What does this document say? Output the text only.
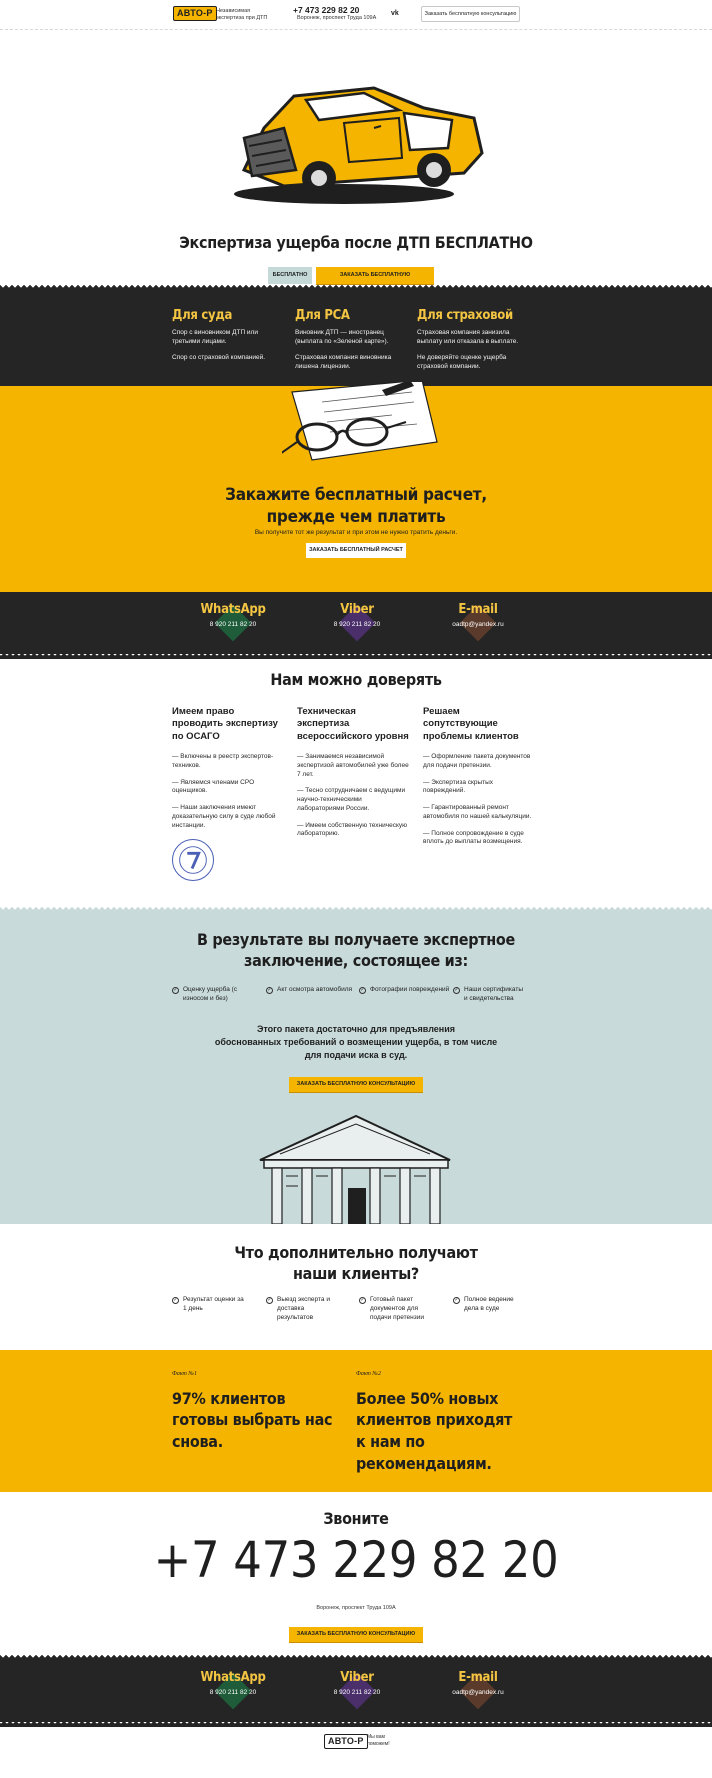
АВТО-Р Независимая
экспертиза при ДТП
+7 473 229 82 20
Воронеж, проспект Труда 109А
vk	Заказать бесплатную консультацию
Экспертиза ущерба после ДТП БЕСПЛАТНО
БЕСПЛАТНО	ЗАКАЗАТЬ БЕСПЛАТНУЮ
Для суда

Спор с виновником ДТП или третьими лицами.

Спор со страховой компанией.

Для РСА

Виновник ДТП — иностранец (выплата по «Зеленой карте»).

Страховая компания виновника лишена лицензии.

Для страховой

Страховая компания занизила выплату или отказала в выплате.

Не доверяйте оценке ущерба страховой компании.

Закажите бесплатный расчет,
прежде чем платить
Вы получите тот же результат и при этом не нужно тратить деньги.
ЗАКАЗАТЬ БЕСПЛАТНЫЙ РАСЧЕТ
WhatsApp
8 920 211 82 20
Viber
8 920 211 82 20
E-mail
oadtp@yandex.ru
Нам можно доверять
Имеем право проводить экспертизу по ОСАГО

— Включены в реестр экспертов-техников.

— Являемся членами СРО оценщиков.

— Наши заключения имеют доказательную силу в суде любой инстанции.

Техническая экспертиза всероссийского уровня

— Занимаемся независимой экспертизой автомобилей уже более 7 лет.

— Тесно сотрудничаем с ведущими научно-техническими лабораториями России.

— Имеем собственную техническую лабораторию.

Решаем сопутствующие проблемы клиентов

— Оформление пакета документов для подачи претензии.

— Экспертиза скрытых повреждений.

— Гарантированный ремонт автомобиля по нашей калькуляции.

— Полное сопровождение в суде вплоть до выплаты возмещения.

В результате вы получаете экспертное
заключение, состоящее из:
✓ Оценку ущерба (с износом и без)
✓ Акт осмотра автомобиля	✓ Фотографии повреждений	✓ Наши сертификаты и свидетельства
Этого пакета достаточно для предъявления
обоснованных требований о возмещении ущерба, в том числе
для подачи иска в суд.
ЗАКАЗАТЬ БЕСПЛАТНУЮ КОНСУЛЬТАЦИЮ
Что дополнительно получают
наши клиенты?
✓ Результат оценки за 1 день
✓ Выезд эксперта и доставка результатов
✓ Готовый пакет документов для подачи претензии
✓ Полное ведение дела в суде
Факт №1
97% клиентов готовы выбрать нас снова.
Факт №2
Более 50% новых клиентов приходят к нам по рекомендациям.
Звоните
+7 473 229 82 20
Воронеж, проспект Труда 109А
ЗАКАЗАТЬ БЕСПЛАТНУЮ КОНСУЛЬТАЦИЮ
WhatsApp
8 920 211 82 20
Viber
8 920 211 82 20
E-mail
oadtp@yandex.ru
АВТО-Р Мы вам
поможем!
